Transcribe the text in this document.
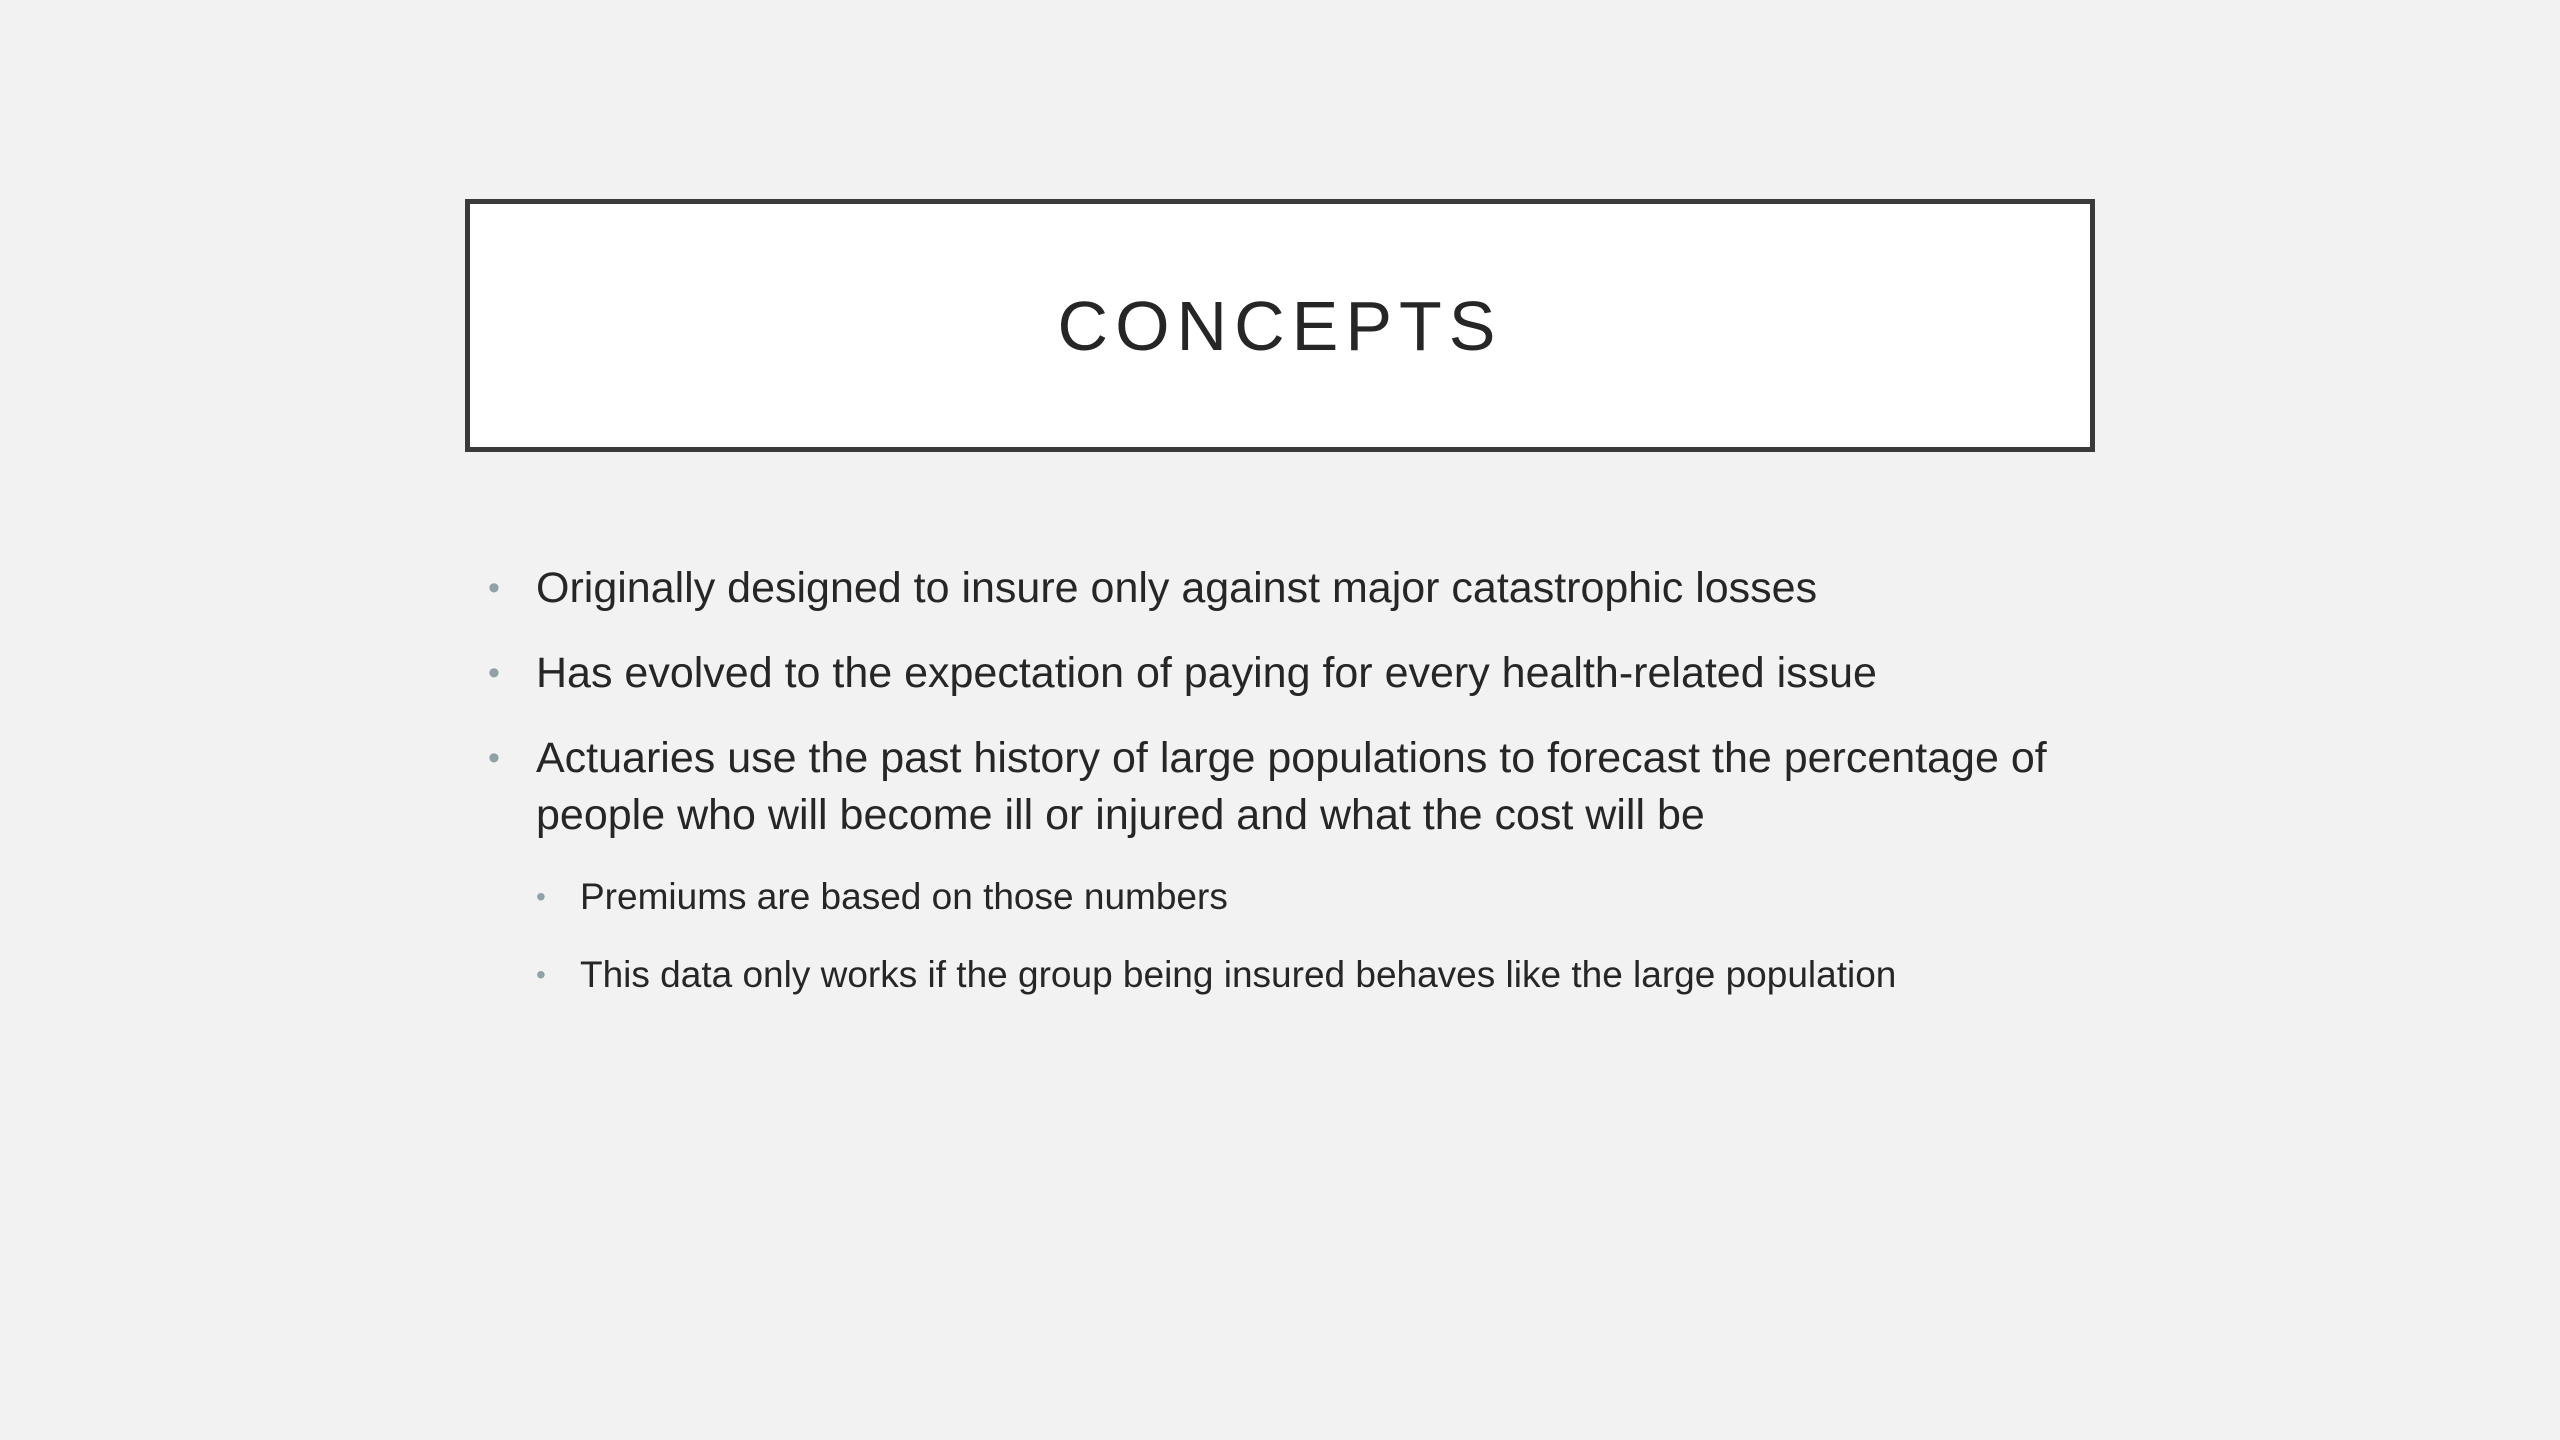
CONCEPTS
• Originally designed to insure only against major catastrophic losses
• Has evolved to the expectation of paying for every health-related issue
• Actuaries use the past history of large populations to forecast the percentage of people who will become ill or injured and what the cost will be
• Premiums are based on those numbers
• This data only works if the group being insured behaves like the large population
